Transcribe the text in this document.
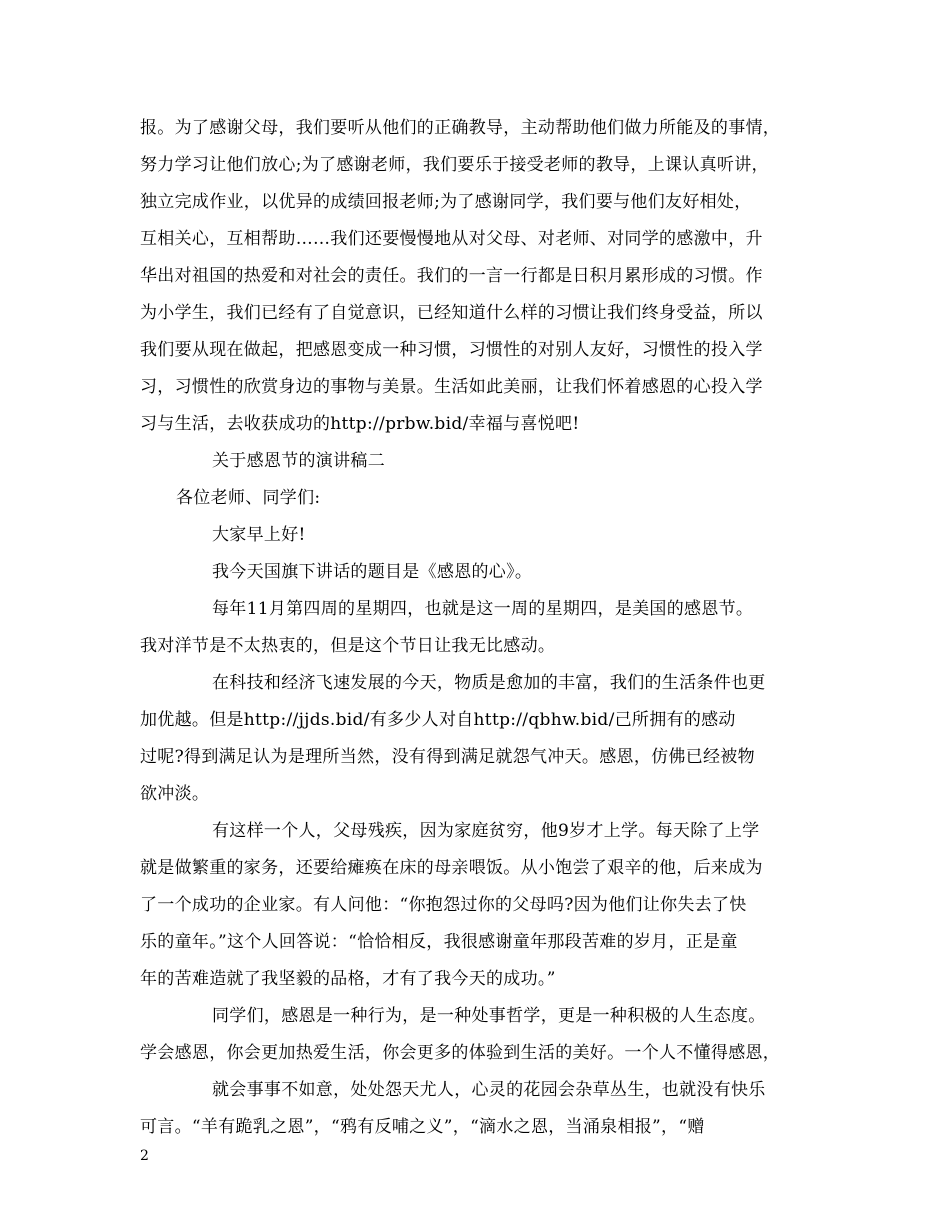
报。为了感谢父母，我们要听从他们的正确教导，主动帮助他们做力所能及的事情，
努力学习让他们放心;为了感谢老师，我们要乐于接受老师的教导，上课认真听讲，
独立完成作业，以优异的成绩回报老师;为了感谢同学，我们要与他们友好相处，
互相关心，互相帮助……我们还要慢慢地从对父母、对老师、对同学的感激中，升
华出对祖国的热爱和对社会的责任。我们的一言一行都是日积月累形成的习惯。作
为小学生，我们已经有了自觉意识，已经知道什么样的习惯让我们终身受益，所以
我们要从现在做起，把感恩变成一种习惯，习惯性的对别人友好，习惯性的投入学
习，习惯性的欣赏身边的事物与美景。生活如此美丽，让我们怀着感恩的心投入学
习与生活，去收获成功的http://prbw.bid/幸福与喜悦吧!
关于感恩节的演讲稿二
各位老师、同学们:
大家早上好!
我今天国旗下讲话的题目是《感恩的心》。
每年11月第四周的星期四，也就是这一周的星期四，是美国的感恩节。
我对洋节是不太热衷的，但是这个节日让我无比感动。
在科技和经济飞速发展的今天，物质是愈加的丰富，我们的生活条件也更
加优越。但是http://jjds.bid/有多少人对自http://qbhw.bid/己所拥有的感动
过呢?得到满足认为是理所当然，没有得到满足就怨气冲天。感恩，仿佛已经被物
欲冲淡。
有这样一个人，父母残疾，因为家庭贫穷，他9岁才上学。每天除了上学
就是做繁重的家务，还要给瘫痪在床的母亲喂饭。从小饱尝了艰辛的他，后来成为
了一个成功的企业家。有人问他：“你抱怨过你的父母吗?因为他们让你失去了快
乐的童年。”这个人回答说：“恰恰相反，我很感谢童年那段苦难的岁月，正是童
年的苦难造就了我坚毅的品格，才有了我今天的成功。”
同学们，感恩是一种行为，是一种处事哲学，更是一种积极的人生态度。
学会感恩，你会更加热爱生活，你会更多的体验到生活的美好。一个人不懂得感恩，
就会事事不如意，处处怨天尤人，心灵的花园会杂草丛生，也就没有快乐
可言。“羊有跪乳之恩”，“鸦有反哺之义”，“滴水之恩，当涌泉相报”，“赠
2
